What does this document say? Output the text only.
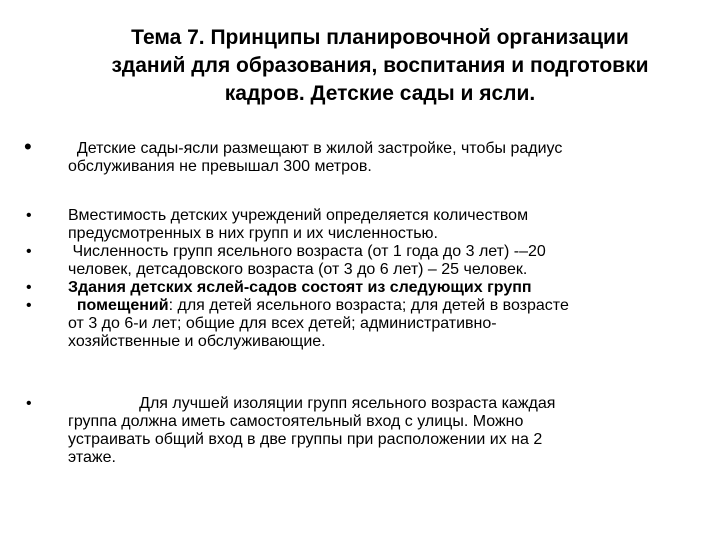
Тема 7. Принципы планировочной организации
зданий для образования, воспитания и подготовки
кадров. Детские сады и ясли.
• Детские сады-ясли размещают в жилой застройке, чтобы радиус
обслуживания не превышал 300 метров.
•
•
•
•
Вместимость детских учреждений определяется количеством
предусмотренных в них групп и их численностью.
Численность групп ясельного возраста (от 1 года до 3 лет) -–20
человек, детсадовского возраста (от 3 до 6 лет) – 25 человек.
Здания детских яслей-садов состоят из следующих групп
помещений: для детей ясельного возраста; для детей в возрасте
от 3 до 6-и лет; общие для всех детей; административно-
хозяйственные и обслуживающие.
• Для лучшей изоляции групп ясельного возраста каждая
группа должна иметь самостоятельный вход с улицы. Можно
устраивать общий вход в две группы при расположении их на 2
этаже.
